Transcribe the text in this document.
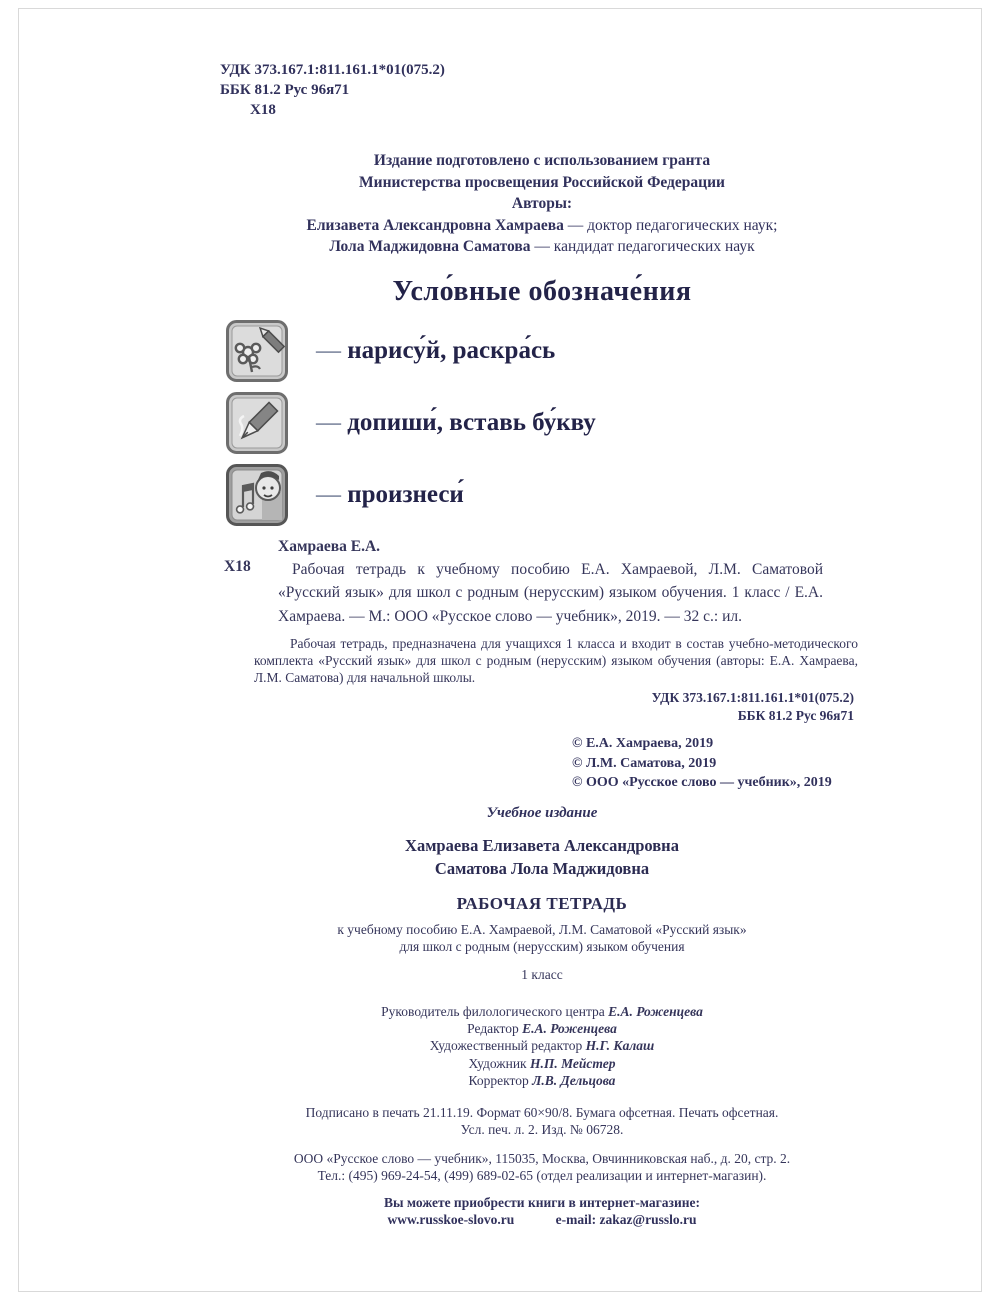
УДК 373.167.1:811.161.1*01(075.2)
ББК 81.2 Рус 96я71
Х18
Издание подготовлено с использованием гранта
Министерства просвещения Российской Федерации
Авторы:
Елизавета Александровна Хамраева — доктор педагогических наук;
Лола Маджидовна Саматова — кандидат педагогических наук
Усло́вные обозначе́ния
— нарису́й, раскра́сь
— допиши́, вставь бу́кву
— произнеси́
Хамраева Е.А.
Х18	Рабочая тетрадь к учебному пособию Е.А. Хамраевой, Л.М. Саматовой «Русский язык» для школ с родным (нерусским) языком обучения. 1 класс / Е.А. Хамраева. — М.: ООО «Русское слово — учебник», 2019. — 32 с.: ил.
Рабочая тетрадь, предназначена для учащихся 1 класса и входит в состав учебно-методического комплекта «Русский язык» для школ с родным (нерусским) языком обучения (авторы: Е.А. Хамраева, Л.М. Саматова) для начальной школы.
УДК 373.167.1:811.161.1*01(075.2)
ББК 81.2 Рус 96я71
© Е.А. Хамраева, 2019
© Л.М. Саматова, 2019
© ООО «Русское слово — учебник», 2019
Учебное издание
Хамраева Елизавета Александровна
Саматова Лола Маджидовна
РАБОЧАЯ ТЕТРАДЬ
к учебному пособию Е.А. Хамраевой, Л.М. Саматовой «Русский язык»
для школ с родным (нерусским) языком обучения
1 класс
Руководитель филологического центра Е.А. Роженцева
Редактор Е.А. Роженцева
Художественный редактор Н.Г. Калаш
Художник Н.П. Мейстер
Корректор Л.В. Дельцова
Подписано в печать 21.11.19. Формат 60×90/8. Бумага офсетная. Печать офсетная.
Усл. печ. л. 2. Изд. № 06728.
ООО «Русское слово — учебник», 115035, Москва, Овчинниковская наб., д. 20, стр. 2.
Тел.: (495) 969-24-54, (499) 689-02-65 (отдел реализации и интернет-магазин).
Вы можете приобрести книги в интернет-магазине:
www.russkoe-slovo.ru	e-mail: zakaz@russlo.ru
